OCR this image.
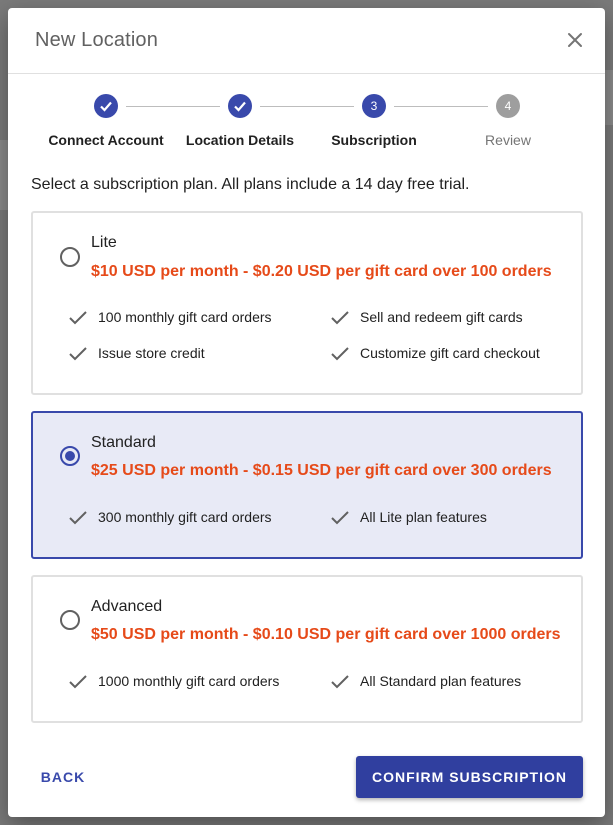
New Location
Connect Account	Location Details
3
Subscription
4
Review
Select a subscription plan. All plans include a 14 day free trial.
Lite
$10 USD per month - $0.20 USD per gift card over 100 orders
100 monthly gift card orders	Sell and redeem gift cards
Issue store credit	Customize gift card checkout
Standard
$25 USD per month - $0.15 USD per gift card over 300 orders
300 monthly gift card orders	All Lite plan features
Advanced
$50 USD per month - $0.10 USD per gift card over 1000 orders
1000 monthly gift card orders	All Standard plan features
BACK	CONFIRM SUBSCRIPTION
